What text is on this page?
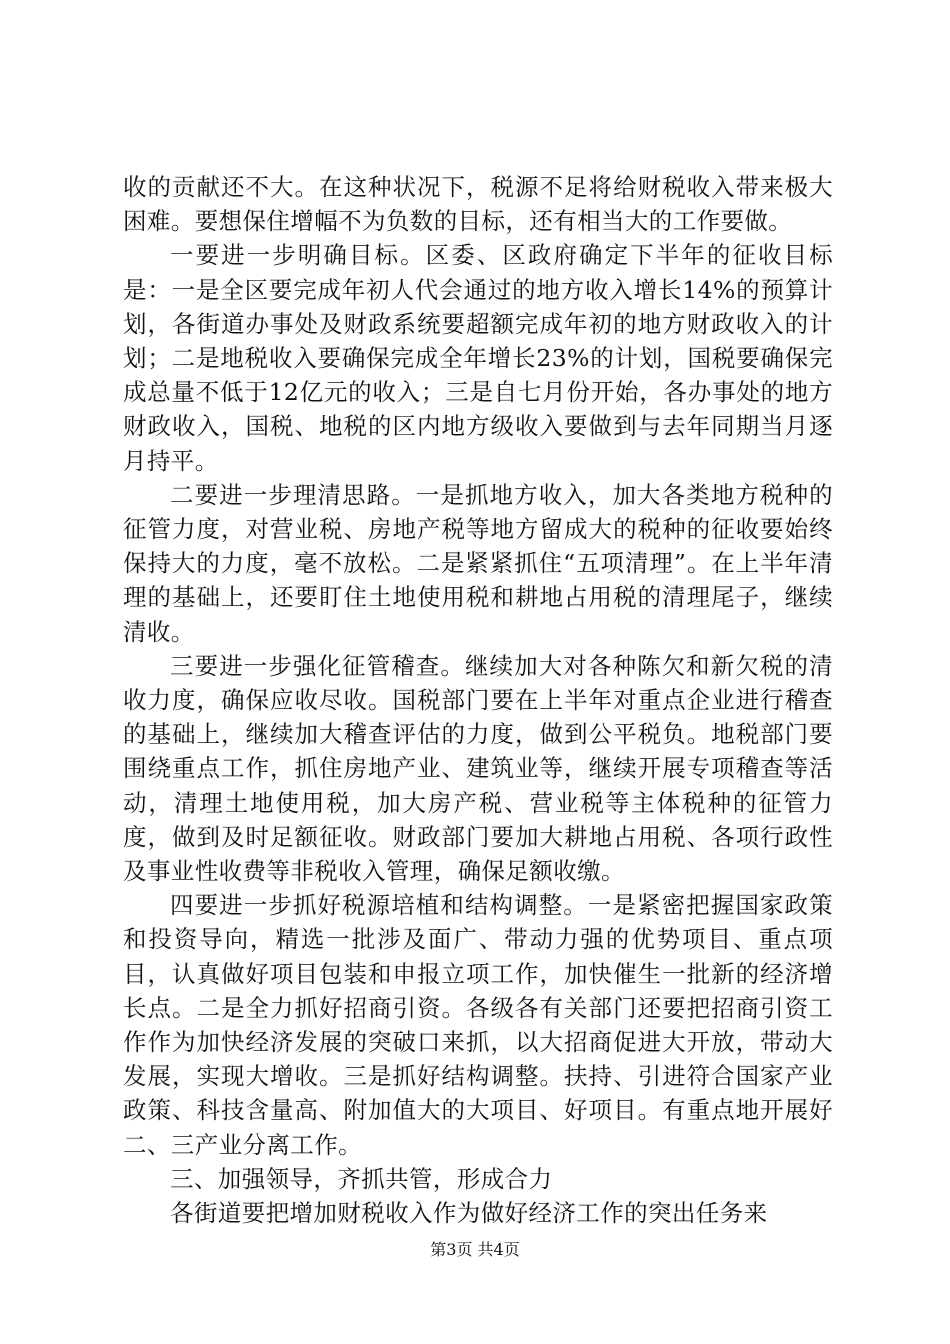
收的贡献还不大。在这种状况下，税源不足将给财税收入带来极大困难。要想保住增幅不为负数的目标，还有相当大的工作要做。

一要进一步明确目标。区委、区政府确定下半年的征收目标是：一是全区要完成年初人代会通过的地方收入增长14%的预算计划，各街道办事处及财政系统要超额完成年初的地方财政收入的计划；二是地税收入要确保完成全年增长23%的计划，国税要确保完成总量不低于12亿元的收入；三是自七月份开始，各办事处的地方财政收入，国税、地税的区内地方级收入要做到与去年同期当月逐月持平。

二要进一步理清思路。一是抓地方收入，加大各类地方税种的征管力度，对营业税、房地产税等地方留成大的税种的征收要始终保持大的力度，毫不放松。二是紧紧抓住“五项清理”。在上半年清理的基础上，还要盯住土地使用税和耕地占用税的清理尾子，继续清收。

三要进一步强化征管稽查。继续加大对各种陈欠和新欠税的清收力度，确保应收尽收。国税部门要在上半年对重点企业进行稽查的基础上，继续加大稽查评估的力度，做到公平税负。地税部门要围绕重点工作，抓住房地产业、建筑业等，继续开展专项稽查等活动，清理土地使用税，加大房产税、营业税等主体税种的征管力度，做到及时足额征收。财政部门要加大耕地占用税、各项行政性及事业性收费等非税收入管理，确保足额收缴。

四要进一步抓好税源培植和结构调整。一是紧密把握国家政策和投资导向，精选一批涉及面广、带动力强的优势项目、重点项目，认真做好项目包装和申报立项工作，加快催生一批新的经济增长点。二是全力抓好招商引资。各级各有关部门还要把招商引资工作作为加快经济发展的突破口来抓，以大招商促进大开放，带动大发展，实现大增收。三是抓好结构调整。扶持、引进符合国家产业政策、科技含量高、附加值大的大项目、好项目。有重点地开展好二、三产业分离工作。

三、加强领导，齐抓共管，形成合力

各街道要把增加财税收入作为做好经济工作的突出任务来

第3页 共4页
